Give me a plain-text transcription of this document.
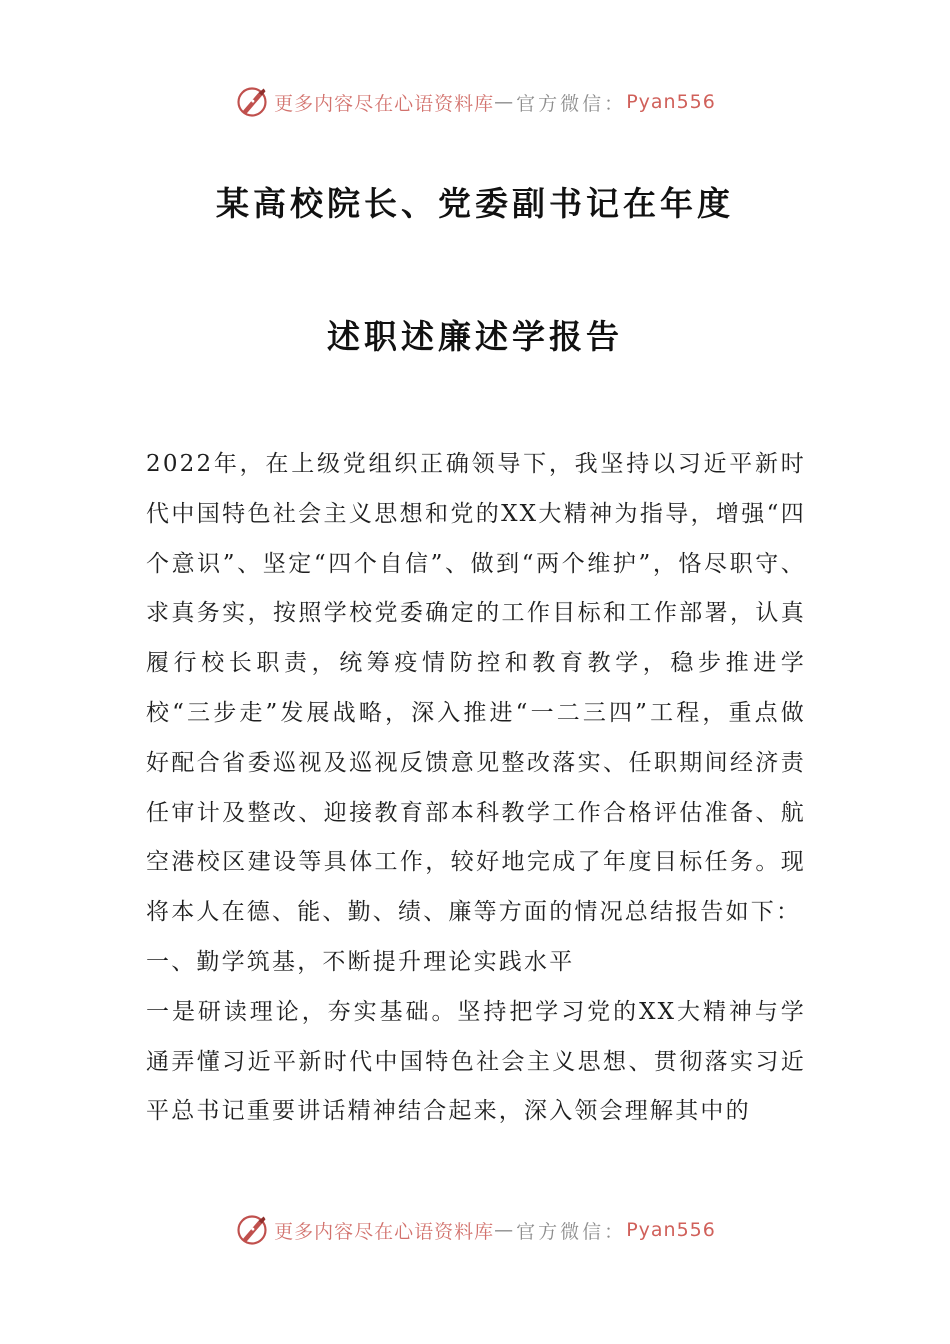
更多内容尽在心语资料库 — 官方微信： Pyan556
某高校院长、党委副书记在年度
述职述廉述学报告

2022年，在上级党组织正确领导下，我坚持以习近平新时代中国特色社会主义思想和党的XX大精神为指导，增强“四个意识”、坚定“四个自信”、做到“两个维护”，恪尽职守、求真务实，按照学校党委确定的工作目标和工作部署，认真履行校长职责，统筹疫情防控和教育教学，稳步推进学校“三步走”发展战略，深入推进“一二三四”工程，重点做好配合省委巡视及巡视反馈意见整改落实、任职期间经济责任审计及整改、迎接教育部本科教学工作合格评估准备、航空港校区建设等具体工作，较好地完成了年度目标任务。现将本人在德、能、勤、绩、廉等方面的情况总结报告如下：

一、勤学筑基，不断提升理论实践水平

一是研读理论，夯实基础。坚持把学习党的XX大精神与学通弄懂习近平新时代中国特色社会主义思想、贯彻落实习近平总书记重要讲话精神结合起来，深入领会理解其中的

更多内容尽在心语资料库 — 官方微信： Pyan556
